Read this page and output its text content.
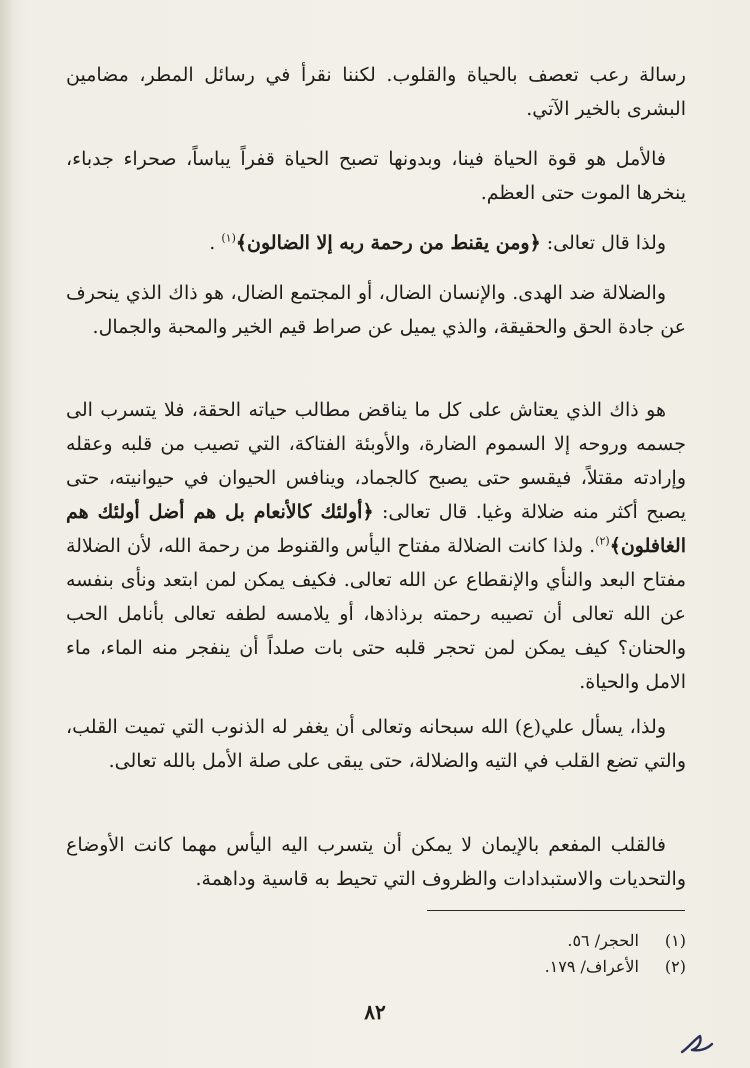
رسالة رعب تعصف بالحياة والقلوب. لكننا نقرأ في رسائل المطر، مضامين البشرى بالخير الآتي.

فالأمل هو قوة الحياة فينا، وبدونها تصبح الحياة قفراً يباساً، صحراء جدباء، ينخرها الموت حتى العظم.

ولذا قال تعالى: ﴿ومن يقنط من رحمة ربه إلا الضالون﴾$^{(١)}$ .

والضلالة ضد الهدى. والإنسان الضال، أو المجتمع الضال، هو ذاك الذي ينحرف عن جادة الحق والحقيقة، والذي يميل عن صراط قيم الخير والمحبة والجمال.

هو ذاك الذي يعتاش على كل ما يناقض مطالب حياته الحقة، فلا يتسرب الى جسمه وروحه إلا السموم الضارة، والأوبئة الفتاكة، التي تصيب من قلبه وعقله وإرادته مقتلاً، فيقسو حتى يصبح كالجماد، وينافس الحيوان في حيوانيته، حتى يصبح أكثر منه ضلالة وغيا. قال تعالى: ﴿أولئك كالأنعام بل هم أضل أولئك هم الغافلون﴾$^{(٢)}$. ولذا كانت الضلالة مفتاح اليأس والقنوط من رحمة الله، لأن الضلالة مفتاح البعد والنأي والإنقطاع عن الله تعالى. فكيف يمكن لمن ابتعد ونأى بنفسه عن الله تعالى أن تصيبه رحمته برذاذها، أو يلامسه لطفه تعالى بأنامل الحب والحنان؟ كيف يمكن لمن تحجر قلبه حتى بات صلداً أن ينفجر منه الماء، ماء الامل والحياة.

ولذا، يسأل علي(ع) الله سبحانه وتعالى أن يغفر له الذنوب التي تميت القلب، والتي تضع القلب في التيه والضلالة، حتى يبقى على صلة الأمل بالله تعالى.

فالقلب المفعم بالإيمان لا يمكن أن يتسرب اليه اليأس مهما كانت الأوضاع والتحديات والاستبدادات والظروف التي تحيط به قاسية وداهمة.

(١) الحجر/ ٥٦.
(٢) الأعراف/ ١٧٩.
٨٢
